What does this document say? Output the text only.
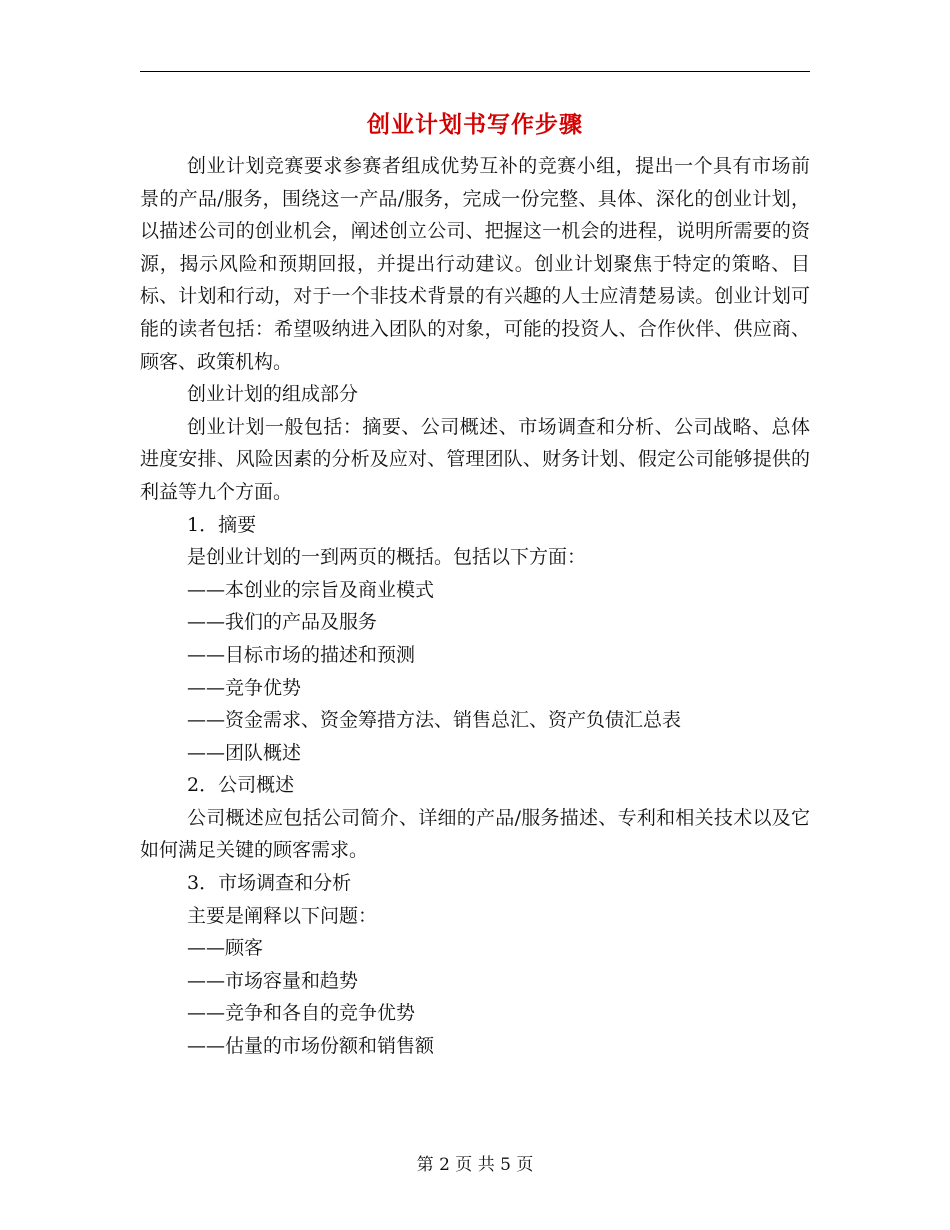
创业计划书写作步骤

创业计划竞赛要求参赛者组成优势互补的竞赛小组，提出一个具有市场前景的产品/服务，围绕这一产品/服务，完成一份完整、具体、深化的创业计划，以描述公司的创业机会，阐述创立公司、把握这一机会的进程，说明所需要的资源，揭示风险和预期回报，并提出行动建议。创业计划聚焦于特定的策略、目标、计划和行动，对于一个非技术背景的有兴趣的人士应清楚易读。创业计划可能的读者包括：希望吸纳进入团队的对象，可能的投资人、合作伙伴、供应商、顾客、政策机构。

创业计划的组成部分

创业计划一般包括：摘要、公司概述、市场调查和分析、公司战略、总体进度安排、风险因素的分析及应对、管理团队、财务计划、假定公司能够提供的利益等九个方面。

1．摘要

是创业计划的一到两页的概括。包括以下方面：

——本创业的宗旨及商业模式

——我们的产品及服务

——目标市场的描述和预测

——竞争优势

——资金需求、资金筹措方法、销售总汇、资产负债汇总表

——团队概述

2．公司概述

公司概述应包括公司简介、详细的产品/服务描述、专利和相关技术以及它如何满足关键的顾客需求。

3．市场调查和分析

主要是阐释以下问题：

——顾客

——市场容量和趋势

——竞争和各自的竞争优势

——估量的市场份额和销售额

第 2 页 共 5 页
